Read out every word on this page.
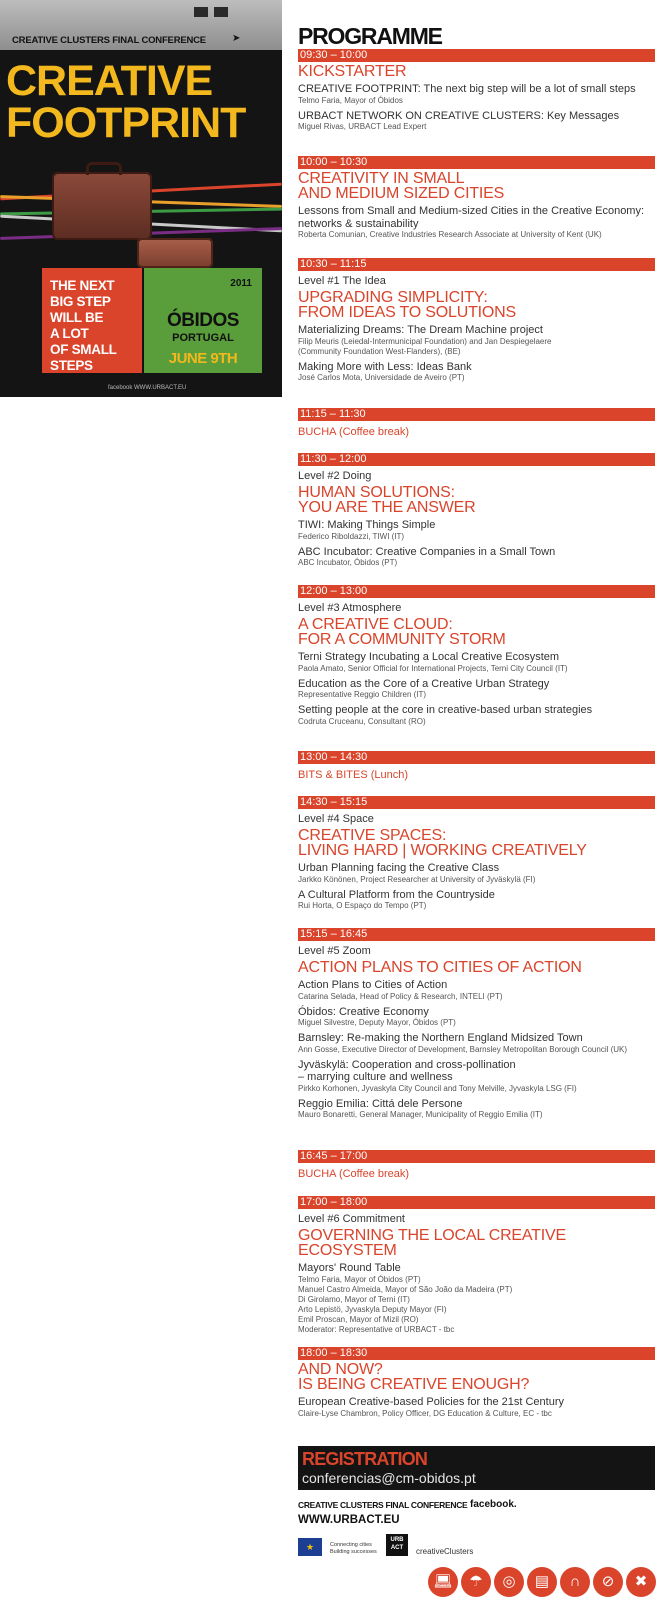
CREATIVE CLUSTERS FINAL CONFERENCE	➤
CREATIVE
FOOTPRINT
THE NEXT
BIG STEP
WILL BE
A LOT
OF SMALL
STEPS
2011
ÓBIDOS
PORTUGAL
JUNE 9TH
facebook WWW.URBACT.EU
PROGRAMME
09:30 – 10:00
KICKSTARTER
CREATIVE FOOTPRINT: The next big step will be a lot of small steps
Telmo Faria, Mayor of Óbidos
URBACT NETWORK ON CREATIVE CLUSTERS: Key Messages
Miguel Rivas, URBACT Lead Expert
10:00 – 10:30
CREATIVITY IN SMALL
AND MEDIUM SIZED CITIES
Lessons from Small and Medium-sized Cities in the Creative Economy:
networks & sustainability
Roberta Comunian, Creative Industries Research Associate at University of Kent (UK)
10:30 – 11:15
Level #1 The Idea
UPGRADING SIMPLICITY:
FROM IDEAS TO SOLUTIONS
Materializing Dreams: The Dream Machine project
Filip Meuris (Leiedal-Intermunicipal Foundation) and Jan Despiegelaere
(Community Foundation West-Flanders), (BE)
Making More with Less: Ideas Bank
José Carlos Mota, Universidade de Aveiro (PT)
11:15 – 11:30
BUCHA (Coffee break)
11:30 – 12:00
Level #2 Doing
HUMAN SOLUTIONS:
YOU ARE THE ANSWER
TIWI: Making Things Simple
Federico Riboldazzi, TIWI (IT)
ABC Incubator: Creative Companies in a Small Town
ABC Incubator, Óbidos (PT)
12:00 – 13:00
Level #3 Atmosphere
A CREATIVE CLOUD:
FOR A COMMUNITY STORM
Terni Strategy Incubating a Local Creative Ecosystem
Paola Amato, Senior Official for International Projects, Terni City Council (IT)
Education as the Core of a Creative Urban Strategy
Representative Reggio Children (IT)
Setting people at the core in creative-based urban strategies
Codruta Cruceanu, Consultant (RO)
13:00 – 14:30
BITS & BITES (Lunch)
14:30 – 15:15
Level #4 Space
CREATIVE SPACES:
LIVING HARD | WORKING CREATIVELY
Urban Planning facing the Creative Class
Jarkko Könönen, Project Researcher at University of Jyväskylä (FI)
A Cultural Platform from the Countryside
Rui Horta, O Espaço do Tempo (PT)
15:15 – 16:45
Level #5 Zoom
ACTION PLANS TO CITIES OF ACTION
Action Plans to Cities of Action
Catarina Selada, Head of Policy & Research, INTELI (PT)
Óbidos: Creative Economy
Miguel Silvestre, Deputy Mayor, Óbidos (PT)
Barnsley: Re-making the Northern England Midsized Town
Ann Gosse, Executive Director of Development, Barnsley Metropolitan Borough Council (UK)
Jyväskylä: Cooperation and cross-pollination
– marrying culture and wellness
Pirkko Korhonen, Jyvaskyla City Council and Tony Melville, Jyvaskyla LSG (FI)
Reggio Emilia: Cittá dele Persone
Mauro Bonaretti, General Manager, Municipality of Reggio Emilia (IT)
16:45 – 17:00
BUCHA (Coffee break)
17:00 – 18:00
Level #6 Commitment
GOVERNING THE LOCAL CREATIVE
ECOSYSTEM
Mayors' Round Table
Telmo Faria, Mayor of Óbidos (PT)
Manuel Castro Almeida, Mayor of São João da Madeira (PT)
Di Girolamo, Mayor of Terni (IT)
Arto Lepistö, Jyvaskyla Deputy Mayor (FI)
Emil Proscan, Mayor of Mizil (RO)
Moderator: Representative of URBACT - tbc
18:00 – 18:30
AND NOW?
IS BEING CREATIVE ENOUGH?
European Creative-based Policies for the 21st Century
Claire-Lyse Chambron, Policy Officer, DG Education & Culture, EC - tbc
REGISTRATION
conferencias@cm-obidos.pt
CREATIVE CLUSTERS FINAL CONFERENCE facebook.
WWW.URBACT.EU
★	Connecting cities Building successes
URB ACT	creativeClusters
💻︎	☂	◎	▤	∩	⊘	✖
